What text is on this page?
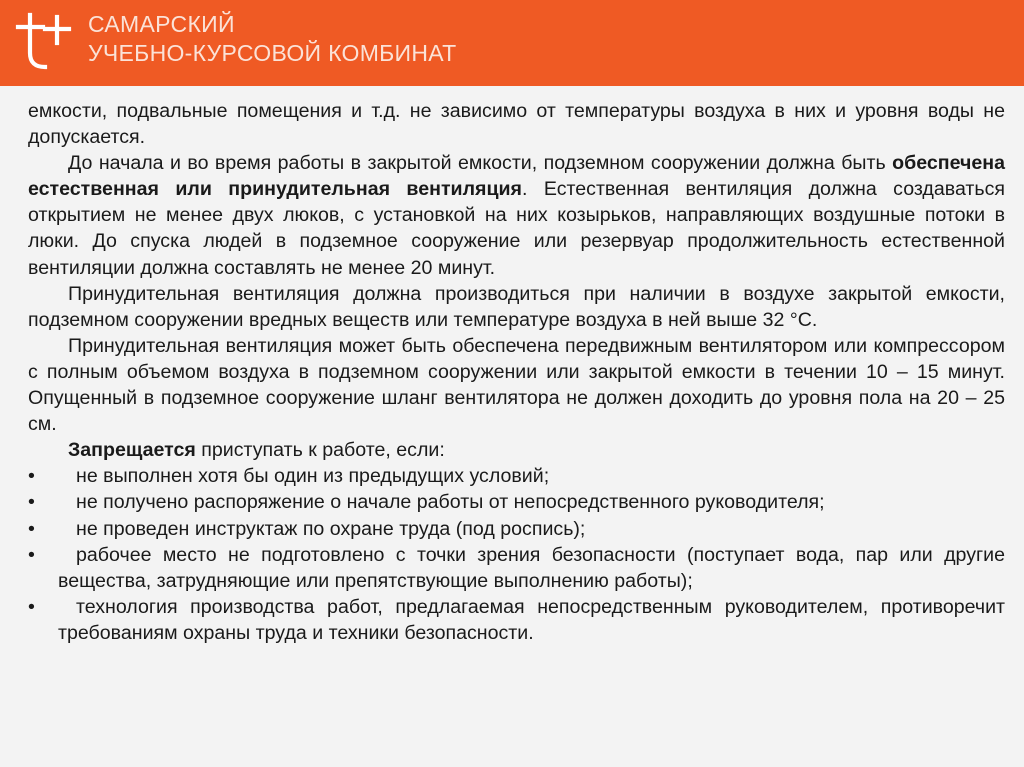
САМАРСКИЙ
УЧЕБНО-КУРСОВОЙ КОМБИНАТ

емкости, подвальные помещения и т.д. не зависимо от температуры воздуха в них и уровня воды не допускается.

До начала и во время работы в закрытой емкости, подземном сооружении должна быть обеспечена естественная или принудительная вентиляция. Естественная вентиляция должна создаваться открытием не менее двух люков, с установкой на них козырьков, направляющих воздушные потоки в люки. До спуска людей в подземное сооружение или резервуар продолжительность естественной вентиляции должна составлять не менее 20 минут.

Принудительная вентиляция должна производиться при наличии в воздухе закрытой емкости, подземном сооружении вредных веществ или температуре воздуха в ней выше 32 °С.

Принудительная вентиляция может быть обеспечена передвижным вентилятором или компрессором с полным объемом воздуха в подземном сооружении или закрытой емкости в течении 10 – 15 минут. Опущенный в подземное сооружение шланг вентилятора не должен доходить до уровня пола на 20 – 25 см.

Запрещается приступать к работе, если:

• не выполнен хотя бы один из предыдущих условий;
• не получено распоряжение о начале работы от непосредственного руководителя;
• не проведен инструктаж по охране труда (под роспись);
• рабочее место не подготовлено с точки зрения безопасности (поступает вода, пар или другие вещества, затрудняющие или препятствующие выполнению работы);
• технология производства работ, предлагаемая непосредственным руководителем, противоречит требованиям охраны труда и техники безопасности.
